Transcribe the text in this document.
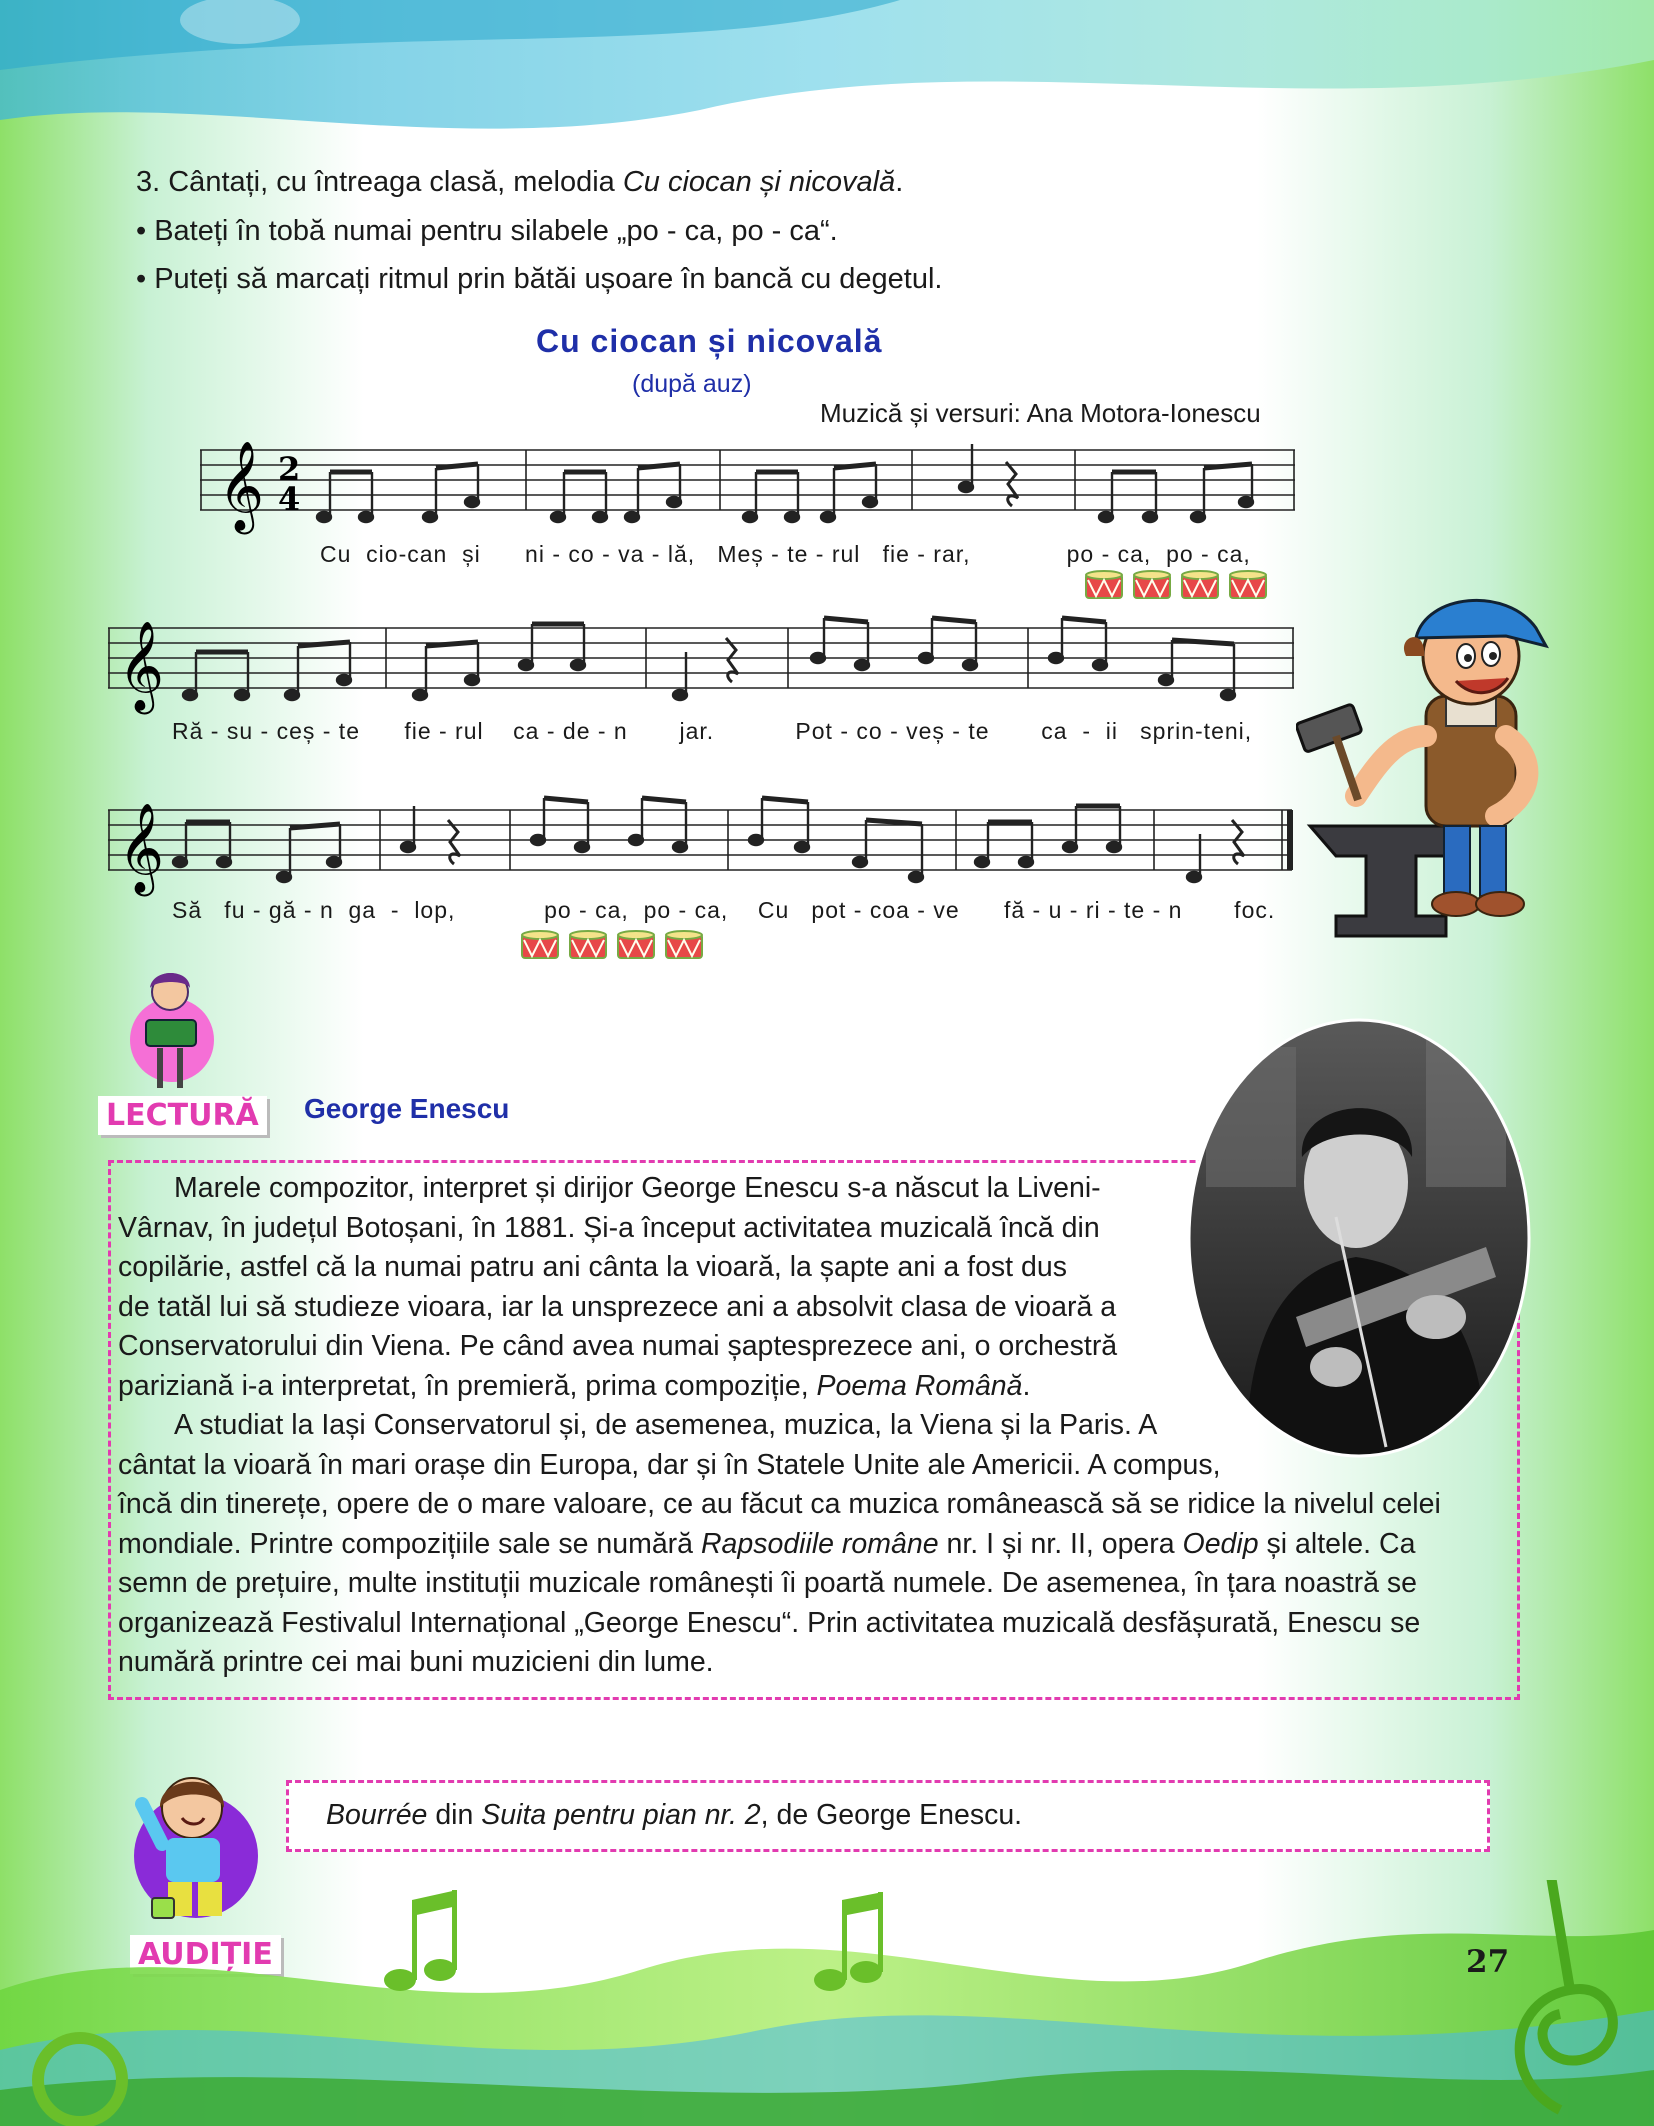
3. Cântați, cu întreaga clasă, melodia Cu ciocan și nicovală.
• Bateți în tobă numai pentru silabele „po - ca, po - ca“.
• Puteți să marcați ritmul prin bătăi ușoare în bancă cu degetul.
Cu ciocan și nicovală
(după auz)
Muzică și versuri: Ana Motora-Ionescu
𝄞 2
4
Cu  cio-can  și      ni - co - va - lă,   Meș - te - rul   fie - rar,             po - ca,  po - ca,
𝄞
Ră - su - ceș - te      fie - rul    ca - de - n       jar.           Pot - co - veș - te       ca  -  ii   sprin-teni,
𝄞
Să   fu - gă - n  ga  -  lop,            po - ca,  po - ca,    Cu   pot - coa - ve      fă - u - ri - te - n       foc.
LECTURĂ George Enescu

Marele compozitor, interpret și dirijor George Enescu s-a născut la Liveni-

Vârnav, în județul Botoșani, în 1881. Și-a început activitatea muzicală încă din

copilărie, astfel că la numai patru ani cânta la vioară, la șapte ani a fost dus

de tatăl lui să studieze vioara, iar la unsprezece ani a absolvit clasa de vioară a

Conservatorului din Viena. Pe când avea numai șaptesprezece ani, o orchestră

pariziană i-a interpretat, în premieră, prima compoziție, Poema Română.

A studiat la Iași Conservatorul și, de asemenea, muzica, la Viena și la Paris. A

cântat la vioară în mari orașe din Europa, dar și în Statele Unite ale Americii. A compus,

încă din tinerețe, opere de o mare valoare, ce au făcut ca muzica românească să se ridice la nivelul celei

mondiale. Printre compozițiile sale se numără Rapsodiile române nr. I și nr. II, opera Oedip și altele. Ca

semn de prețuire, multe instituții muzicale românești îi poartă numele. De asemenea, în țara noastră se

organizează Festivalul Internațional „George Enescu“. Prin activitatea muzicală desfășurată, Enescu se

numără printre cei mai buni muzicieni din lume.

AUDIȚIE
Bourrée din Suita pentru pian nr. 2, de George Enescu.
27
